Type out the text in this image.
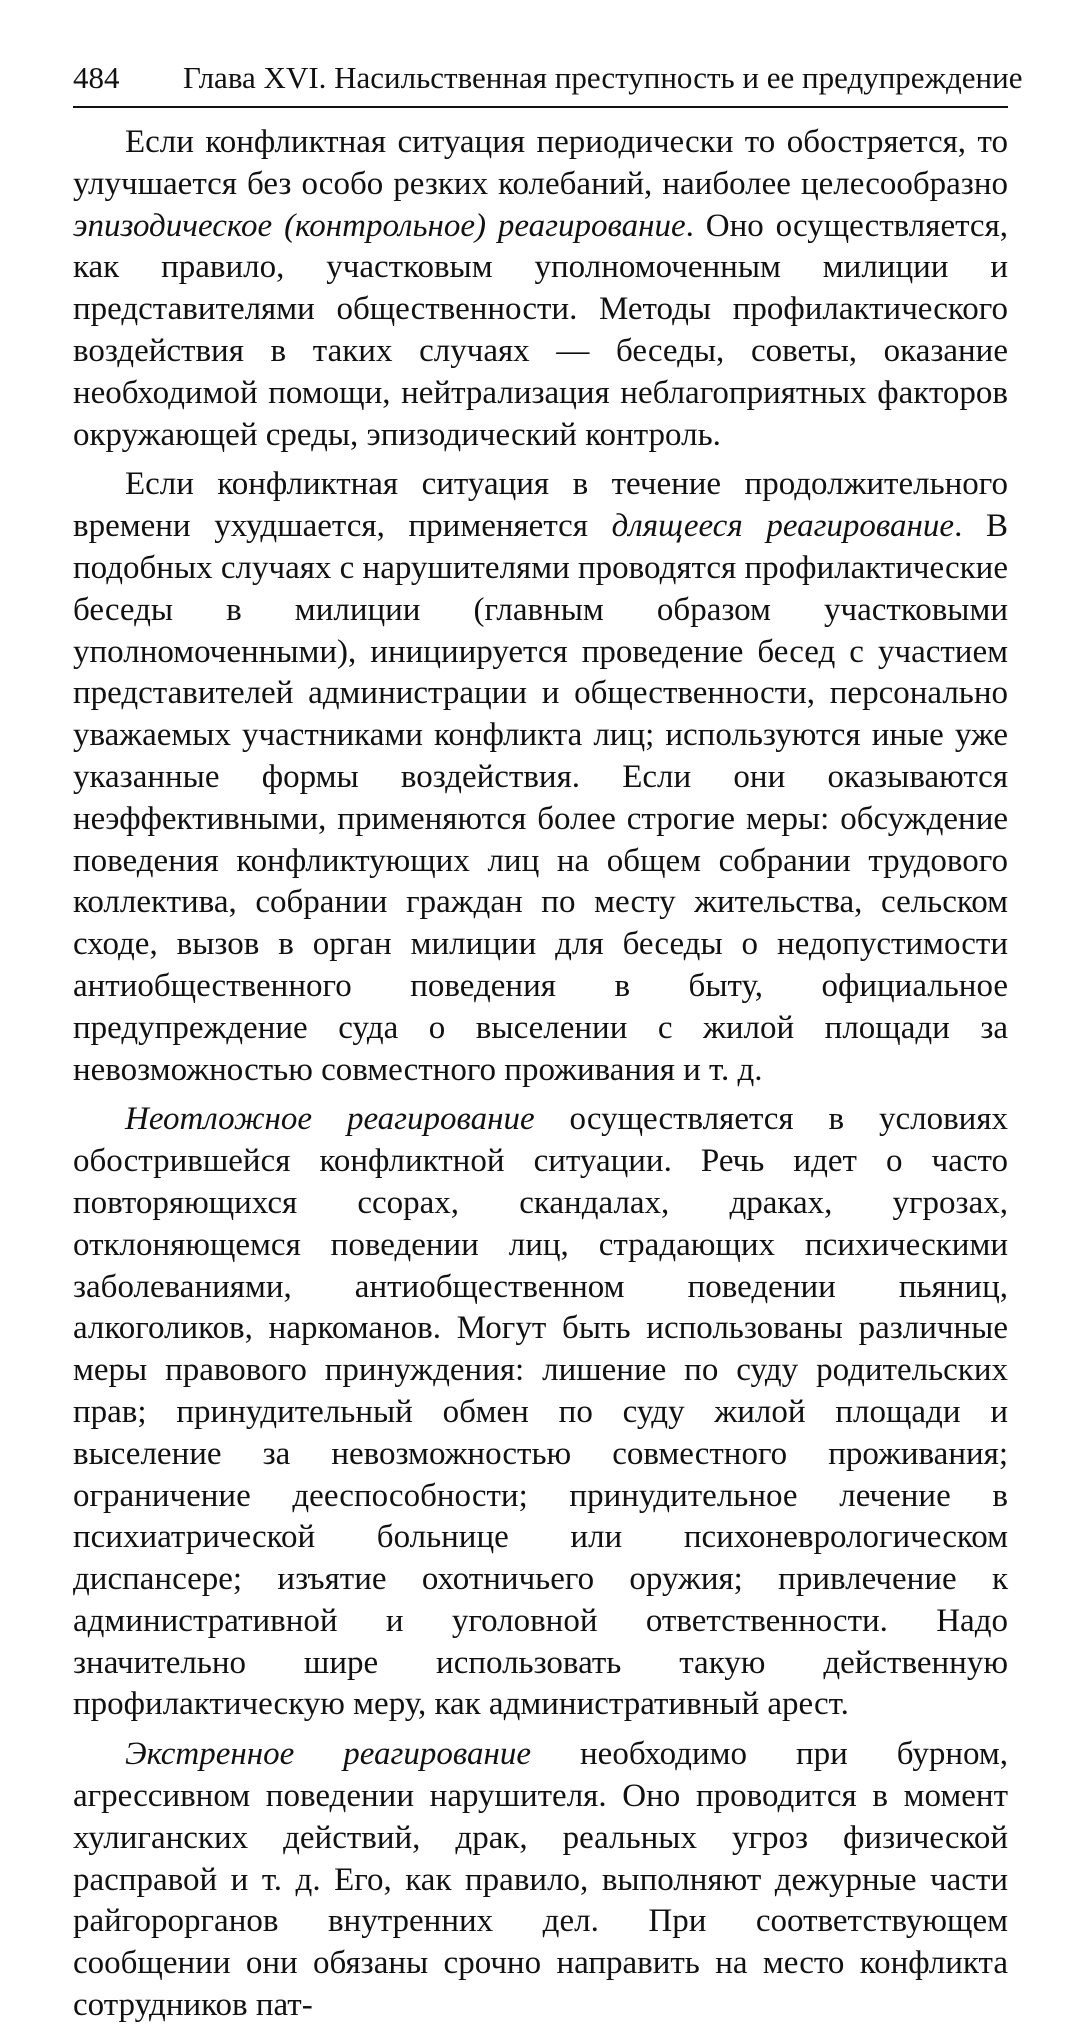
484	Глава XVI. Насильственная преступность и ее предупреждение

Если конфликтная ситуация периодически то обостряется, то улучшается без особо резких колебаний, наиболее целесообразно эпизодическое (контрольное) реагирование. Оно осуществляется, как правило, участковым уполномоченным милиции и представителями общественности. Методы профилактического воздействия в таких случаях — беседы, советы, оказание необходимой помощи, нейтрализация неблагоприятных факторов окружающей среды, эпизодический контроль.

Если конфликтная ситуация в течение продолжительного времени ухудшается, применяется длящееся реагирование. В подобных случаях с нарушителями проводятся профилактические беседы в милиции (главным образом участковыми уполномоченными), инициируется проведение бесед с участием представителей администрации и общественности, персонально уважаемых участниками конфликта лиц; используются иные уже указанные формы воздействия. Если они оказываются неэффективными, применяются более строгие меры: обсуждение поведения конфликтующих лиц на общем собрании трудового коллектива, собрании граждан по месту жительства, сельском сходе, вызов в орган милиции для беседы о недопустимости антиобщественного поведения в быту, официальное предупреждение суда о выселении с жилой площади за невозможностью совместного проживания и т. д.

Неотложное реагирование осуществляется в условиях обострившейся конфликтной ситуации. Речь идет о часто повторяющихся ссорах, скандалах, драках, угрозах, отклоняющемся поведении лиц, страдающих психическими заболеваниями, антиобщественном поведении пьяниц, алкоголиков, наркоманов. Могут быть использованы различные меры правового принуждения: лишение по суду родительских прав; принудительный обмен по суду жилой площади и выселение за невозможностью совместного проживания; ограничение дееспособности; принудительное лечение в психиатрической больнице или психоневрологическом диспансере; изъятие охотничьего оружия; привлечение к административной и уголовной ответственности. Надо значительно шире использовать такую действенную профилактическую меру, как административный арест.

Экстренное реагирование необходимо при бурном, агрессивном поведении нарушителя. Оно проводится в момент хулиганских действий, драк, реальных угроз физической расправой и т. д. Его, как правило, выполняют дежурные части райгорорганов внутренних дел. При соответствующем сообщении они обязаны срочно направить на место конфликта сотрудников пат-
